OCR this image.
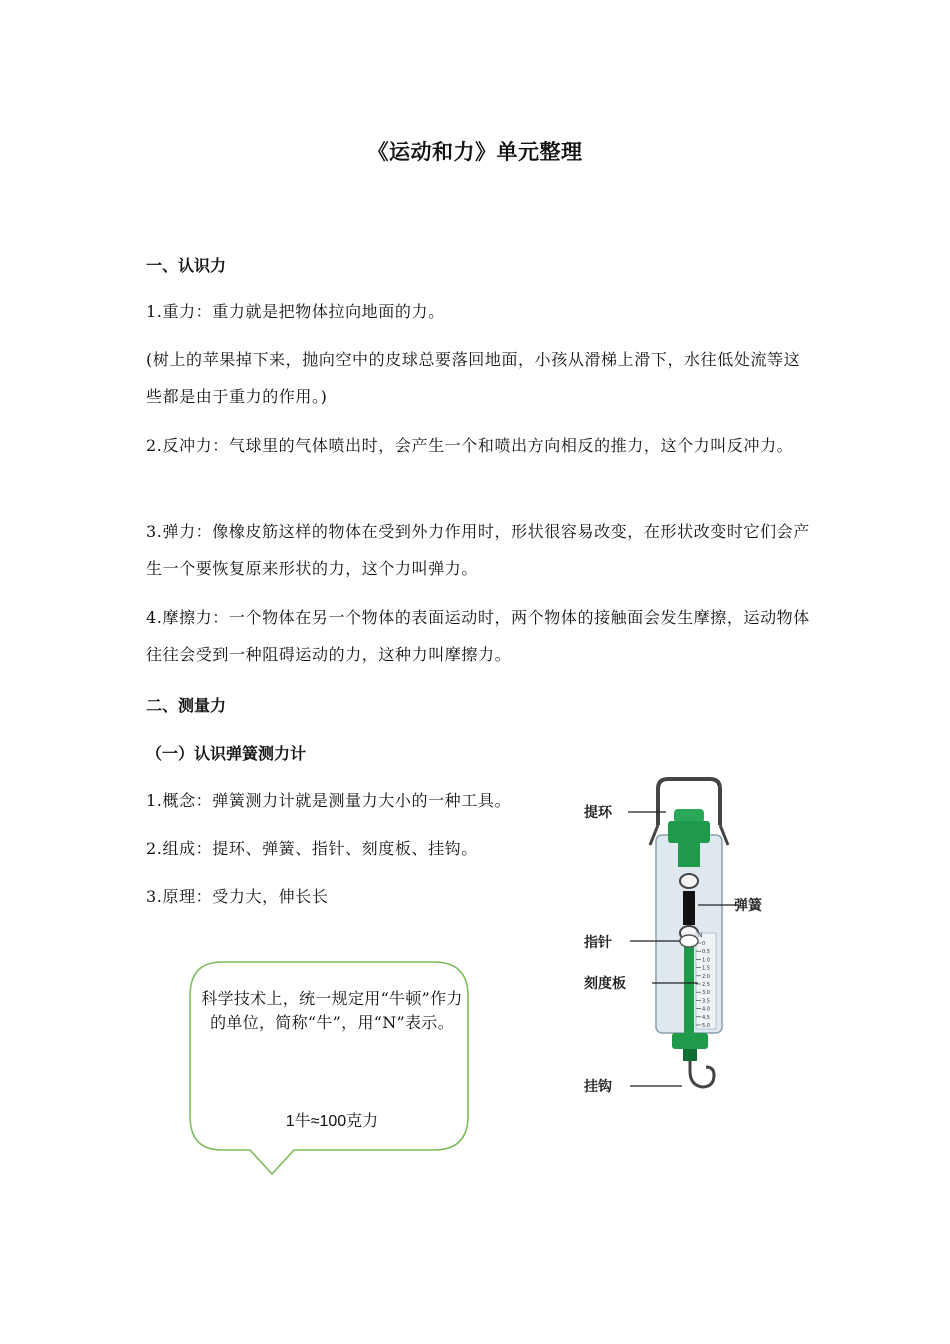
《运动和力》单元整理
一、认识力
1.重力：重力就是把物体拉向地面的力。
(树上的苹果掉下来，抛向空中的皮球总要落回地面，小孩从滑梯上滑下，水往低处流等这些都是由于重力的作用。)
2.反冲力：气球里的气体喷出时，会产生一个和喷出方向相反的推力，这个力叫反冲力。
3.弹力：像橡皮筋这样的物体在受到外力作用时，形状很容易改变，在形状改变时它们会产生一个要恢复原来形状的力，这个力叫弹力。
4.摩擦力：一个物体在另一个物体的表面运动时，两个物体的接触面会发生摩擦，运动物体往往会受到一种阻碍运动的力，这种力叫摩擦力。
二、测量力
（一）认识弹簧测力计
1.概念：弹簧测力计就是测量力大小的一种工具。
2.组成：提环、弹簧、指针、刻度板、挂钩。
3.原理：受力大，伸长长
科学技术上，统一规定用“牛顿”作力的单位，简称“牛”，用“N”表示。
1牛≈100克力
0
0.5
1.0
1.5
2.0
2.5
3.0
3.5
4.0
4.5
5.0
N
提环
弹簧
指针
刻度板
挂钩
